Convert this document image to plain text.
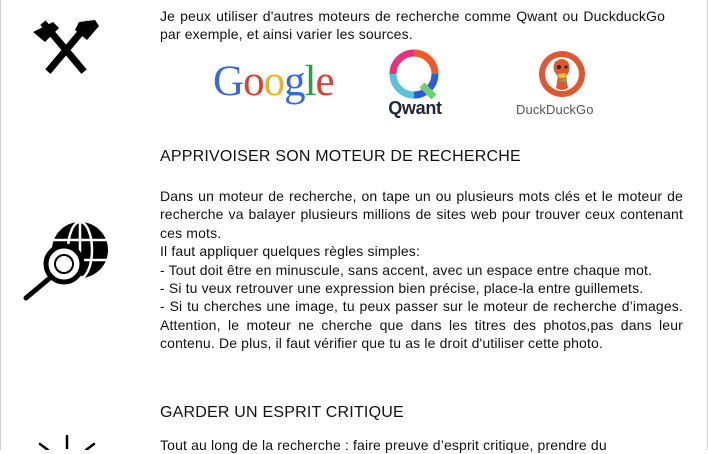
Je peux utiliser d'autres moteurs de recherche comme Qwant ou DuckduckGo par exemple, et ainsi varier les sources.

Google
Qwant	DuckDuckGo
APPRIVOISER SON MOTEUR DE RECHERCHE

Dans un moteur de recherche, on tape un ou plusieurs mots clés et le moteur de recherche va balayer plusieurs millions de sites web pour trouver ceux contenant ces mots.

Il faut appliquer quelques règles simples:

- Tout doit être en minuscule, sans accent, avec un espace entre chaque mot.

- Si tu veux retrouver une expression bien précise, place-la entre guillemets.

- Si tu cherches une image, tu peux passer sur le moteur de recherche d’images. Attention, le moteur ne cherche que dans les titres des photos,pas dans leur contenu. De plus, il faut vérifier que tu as le droit d'utiliser cette photo.

GARDER UN ESPRIT CRITIQUE

Tout au long de la recherche : faire preuve d’esprit critique, prendre du
